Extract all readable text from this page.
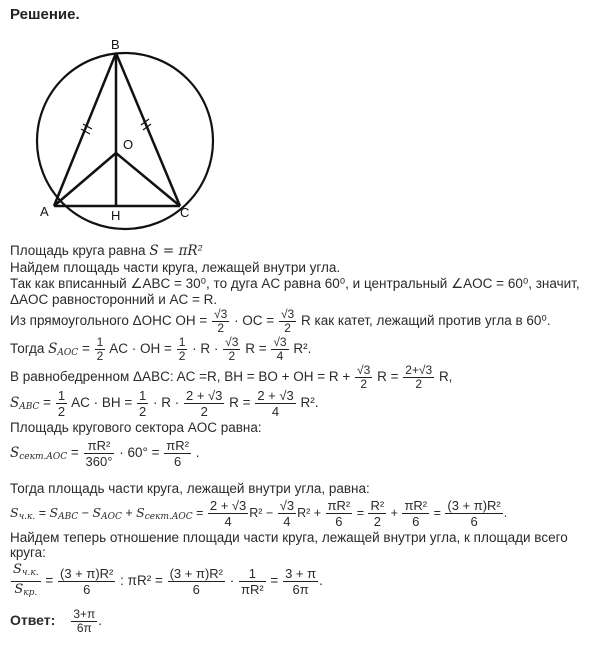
Решение.
B
O
A	H	C
Площадь круга равна S = πR²
Найдем площадь части круга, лежащей внутри угла.
Так как вписанный ∠ABC = 30⁰, то дуга AC равна 60⁰, и центральный ∠AOC = 60⁰, значит,
ΔAOC равносторонний и AC = R.
Из прямоугольного ΔOHC OH = $\frac{√3}{2}$ · OC = $\frac{√3}{2}$ R как катет, лежащий против угла в 60⁰.
Тогда $S_{AOC} = \frac{1}{2}$ AC · OH = $\frac{1}{2} \cdot R \cdot \frac{√3}{2}$ $R = \frac{√3}{4} R^2$.
В равнобедренном ΔABC: AC =R, BH = BO + OH = $R + \frac{√3}{2}$ $R = \frac{2+√3}{2} R$,
$S_{ABC} = \frac{1}{2}$ AC · BH = $\frac{1}{2} \cdot R \cdot \frac{2 + √3}{2}$ $R = \frac{2 + √3}{4} R^2$.
Площадь кругового сектора AOC равна:
$S_{сект.AOC} = \frac{\text{πR²}}{360^\circ} \cdot 60^\circ = \frac{\text{πR²}}{6}$ .
Тогда площадь части круга, лежащей внутри угла, равна:
$S_{ч.к.} = S_{ABC} - S_{AOC} + S_{сект.AOC} = \frac{2 + √3}{4} R^2 - \frac{√3}{4} R^2 + \frac{\text{πR²}}{6} = \frac{\text{R²}}{2} + \frac{\text{πR²}}{6} = \frac{\text{(3 + π)R²}}{6}$ .
Найдем теперь отношение площади части круга, лежащей внутри угла, к площади всего
круга:
$\frac{S_{ч.к.}}{S_{кр.}} = \frac{\text{(3 + π)R²}}{6}$ : $\pi R^2 = \frac{\text{(3 + π)R²}}{6} \cdot \frac{1}{\text{πR²}} = \frac{3 + \pi}{6\pi}$ .
Ответ: $\frac{3+\pi}{6\pi}$ .
